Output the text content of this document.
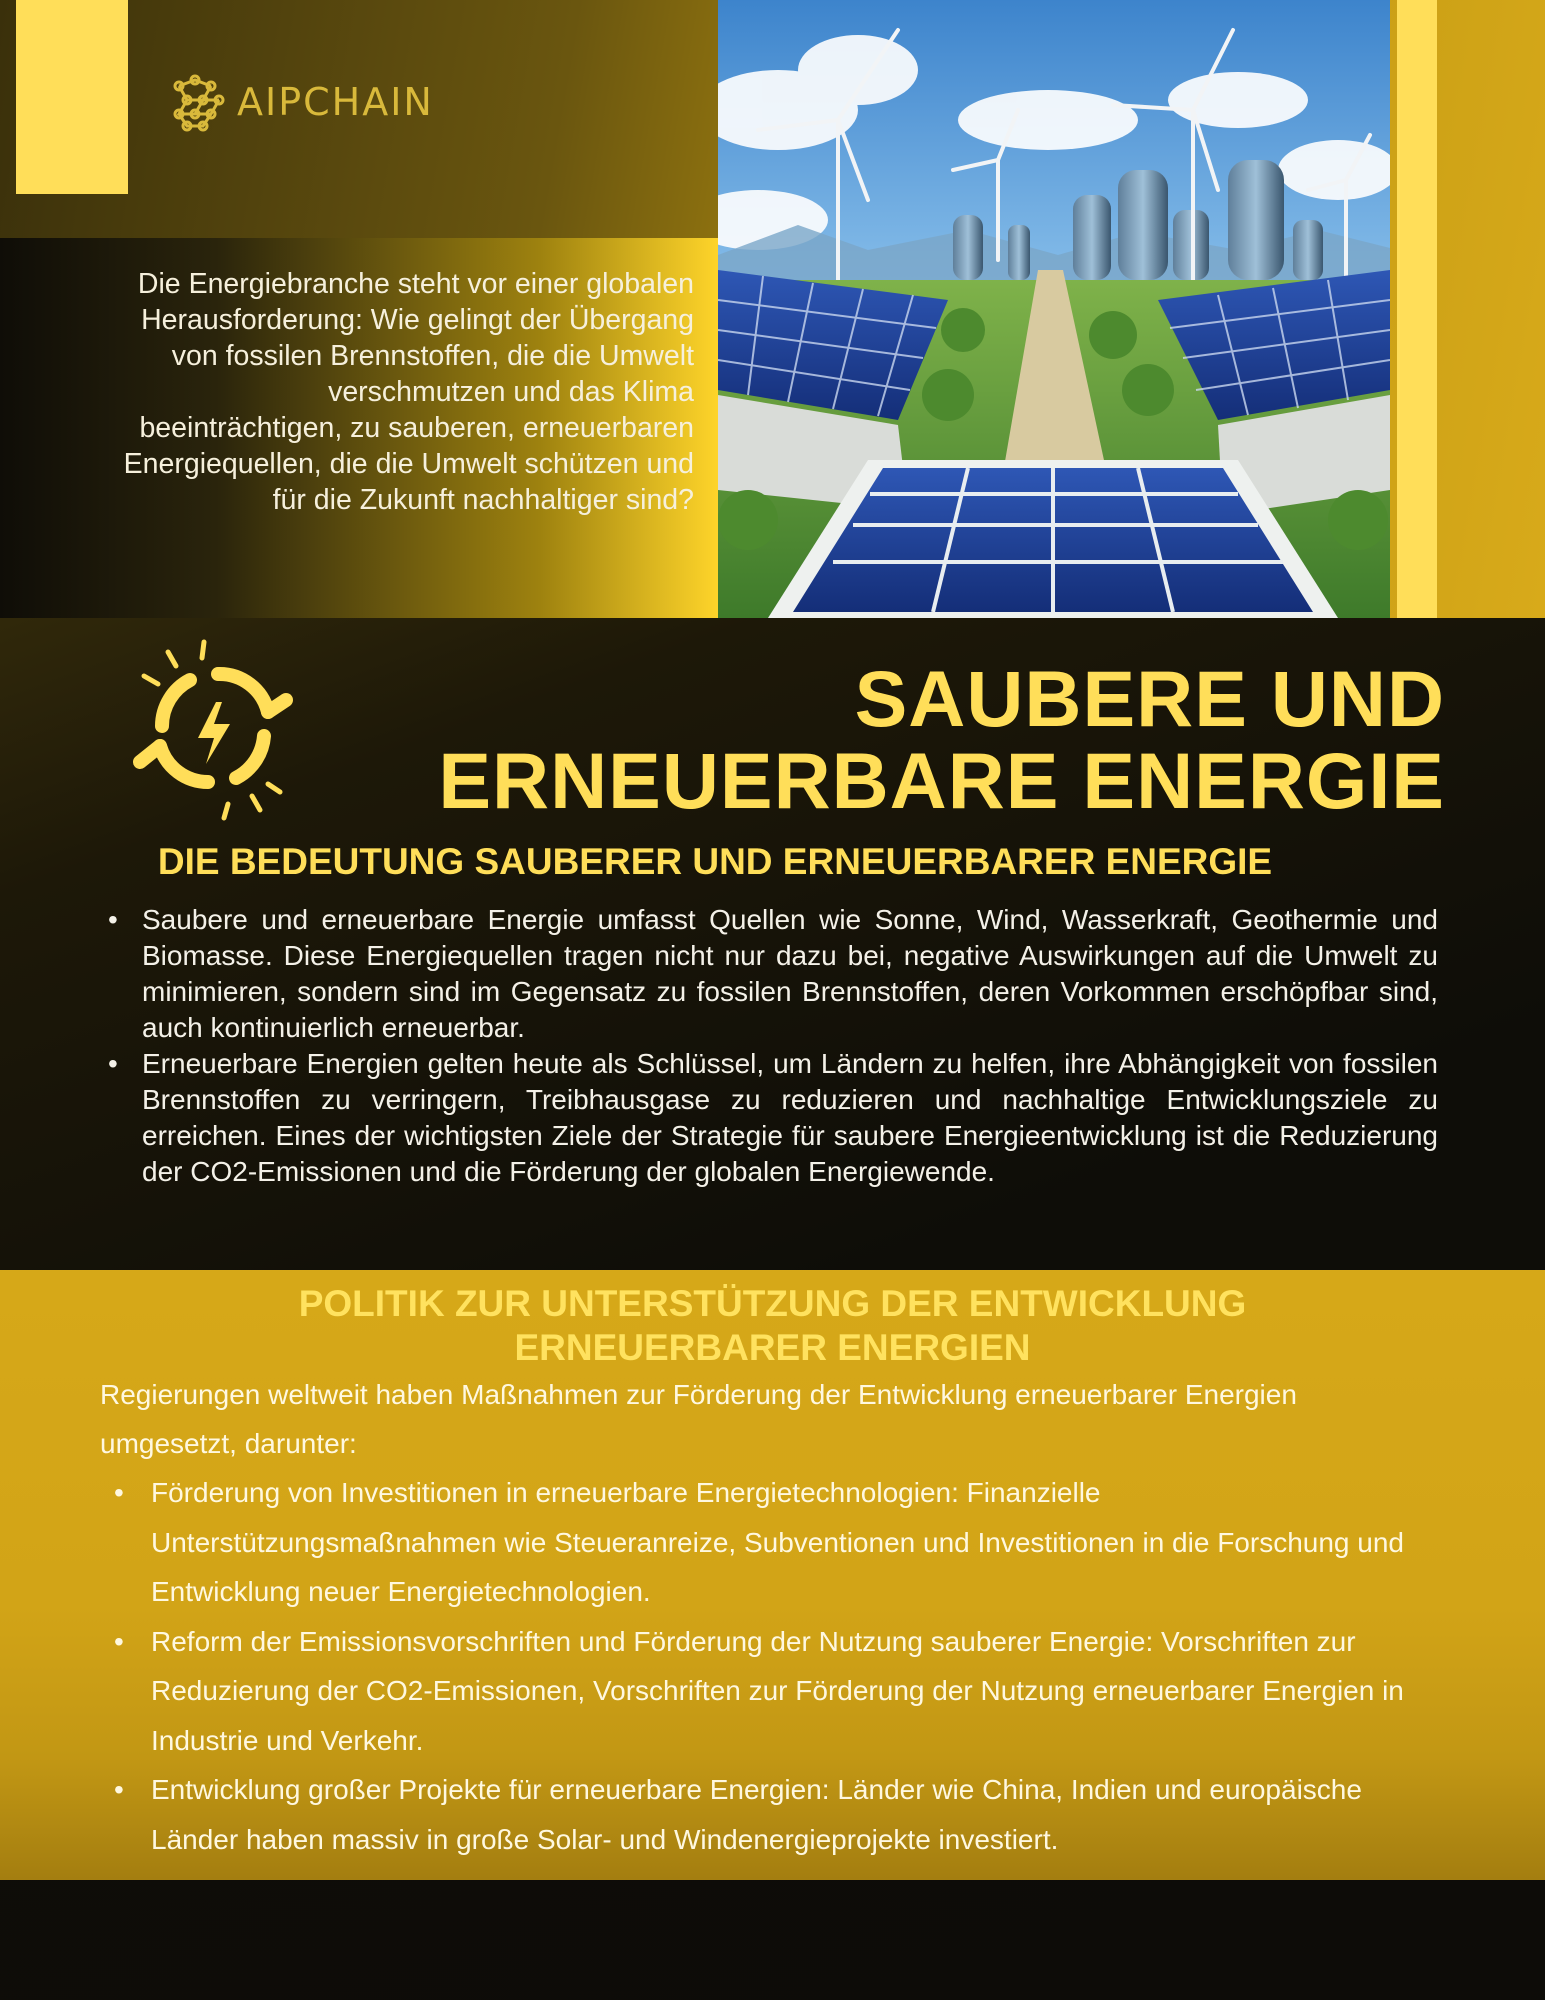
AIPCHAIN

Die Energiebranche steht vor einer globalen Herausforderung: Wie gelingt der Übergang von fossilen Brennstoffen, die die Umwelt verschmutzen und das Klima beeinträchtigen, zu sauberen, erneuerbaren Energiequellen, die die Umwelt schützen und für die Zukunft nachhaltiger sind?

SAUBERE UND
ERNEUERBARE ENERGIE
DIE BEDEUTUNG SAUBERER UND ERNEUERBARER ENERGIE
• Saubere und erneuerbare Energie umfasst Quellen wie Sonne, Wind, Wasserkraft, Geothermie und Biomasse. Diese Energiequellen tragen nicht nur dazu bei, negative Auswirkungen auf die Umwelt zu minimieren, sondern sind im Gegensatz zu fossilen Brennstoffen, deren Vorkommen erschöpfbar sind, auch kontinuierlich erneuerbar.
• Erneuerbare Energien gelten heute als Schlüssel, um Ländern zu helfen, ihre Abhängigkeit von fossilen Brennstoffen zu verringern, Treibhausgase zu reduzieren und nachhaltige Entwicklungsziele zu erreichen. Eines der wichtigsten Ziele der Strategie für saubere Energieentwicklung ist die Reduzierung der CO2-Emissionen und die Förderung der globalen Energiewende.
POLITIK ZUR UNTERSTÜTZUNG DER ENTWICKLUNG
ERNEUERBARER ENERGIEN

Regierungen weltweit haben Maßnahmen zur Förderung der Entwicklung erneuerbarer Energien umgesetzt, darunter:

• Förderung von Investitionen in erneuerbare Energietechnologien: Finanzielle Unterstützungsmaßnahmen wie Steueranreize, Subventionen und Investitionen in die Forschung und Entwicklung neuer Energietechnologien.
• Reform der Emissionsvorschriften und Förderung der Nutzung sauberer Energie: Vorschriften zur Reduzierung der CO2-Emissionen, Vorschriften zur Förderung der Nutzung erneuerbarer Energien in Industrie und Verkehr.
• Entwicklung großer Projekte für erneuerbare Energien: Länder wie China, Indien und europäische Länder haben massiv in große Solar- und Windenergieprojekte investiert.
